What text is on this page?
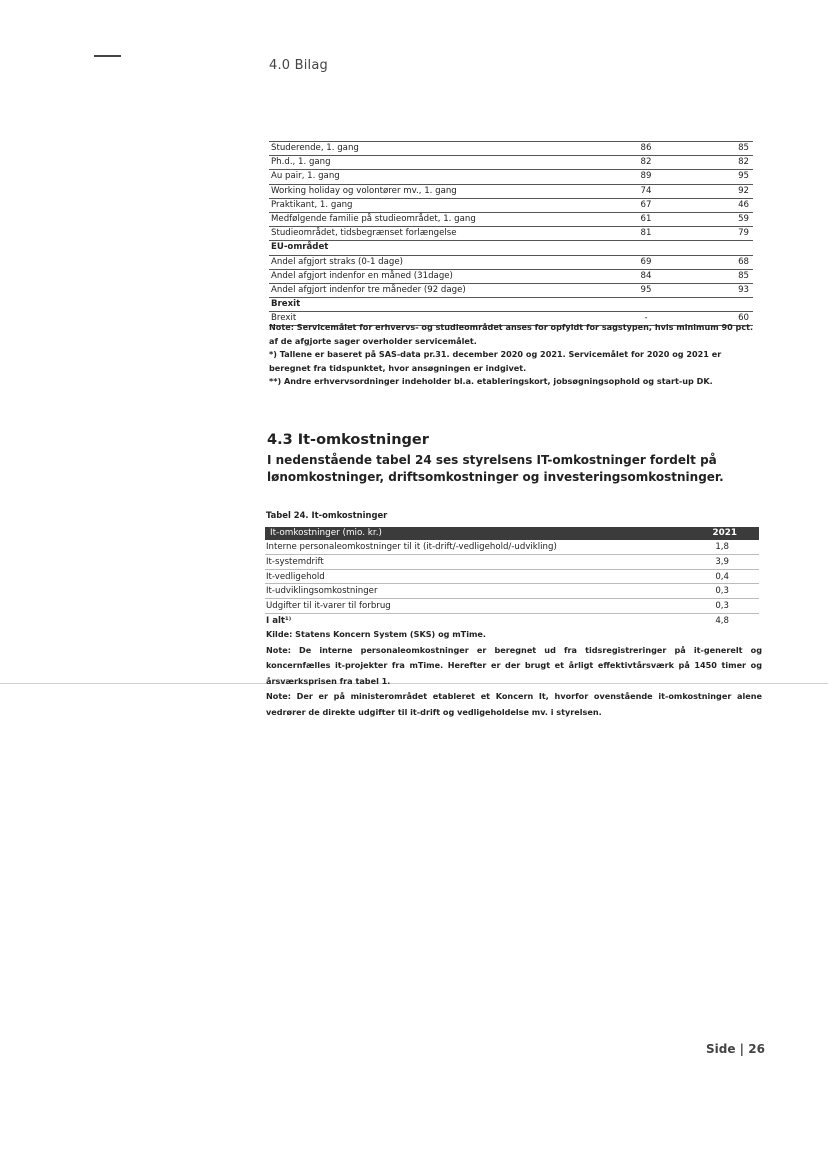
4.0 Bilag
Studerende, 1. gang	86	85
Ph.d., 1. gang	82	82
Au pair, 1. gang	89	95
Working holiday og volontører mv., 1. gang	74	92
Praktikant, 1. gang	67	46
Medfølgende familie på studieområdet, 1. gang	61	59
Studieområdet, tidsbegrænset forlængelse	81	79
EU-området
Andel afgjort straks (0-1 dage)	69	68
Andel afgjort indenfor en måned (31dage)	84	85
Andel afgjort indenfor tre måneder (92 dage)	95	93
Brexit
Brexit	-	60

Note: Servicemålet for erhvervs- og studieområdet anses for opfyldt for sagstypen, hvis minimum 90 pct. af de afgjorte sager overholder servicemålet.

*) Tallene er baseret på SAS-data pr.31. december 2020 og 2021. Servicemålet for 2020 og 2021 er beregnet fra tidspunktet, hvor ansøgningen er indgivet.

**) Andre erhvervsordninger indeholder bl.a. etableringskort, jobsøgningsophold og start-up DK.

4.3 It-omkostninger
I nedenstående tabel 24 ses styrelsens IT-omkostninger fordelt på lønomkostninger, driftsomkostninger og investeringsomkostninger.
Tabel 24. It-omkostninger
It-omkostninger (mio. kr.)	2021
Interne personaleomkostninger til it (it-drift/-vedligehold/-udvikling)	1,8
It-systemdrift	3,9
It-vedligehold	0,4
It-udviklingsomkostninger	0,3
Udgifter til it-varer til forbrug	0,3
I alt¹⁾	4,8

Kilde: Statens Koncern System (SKS) og mTime.

Note: De interne personaleomkostninger er beregnet ud fra tidsregistreringer på it-generelt og koncernfælles it-projekter fra mTime. Herefter er der brugt et årligt effektivtårsværk på 1450 timer og årsværksprisen fra tabel 1.

Note: Der er på ministerområdet etableret et Koncern It, hvorfor ovenstående it-omkostninger alene vedrører de direkte udgifter til it-drift og vedligeholdelse mv. i styrelsen.

Side | 26
